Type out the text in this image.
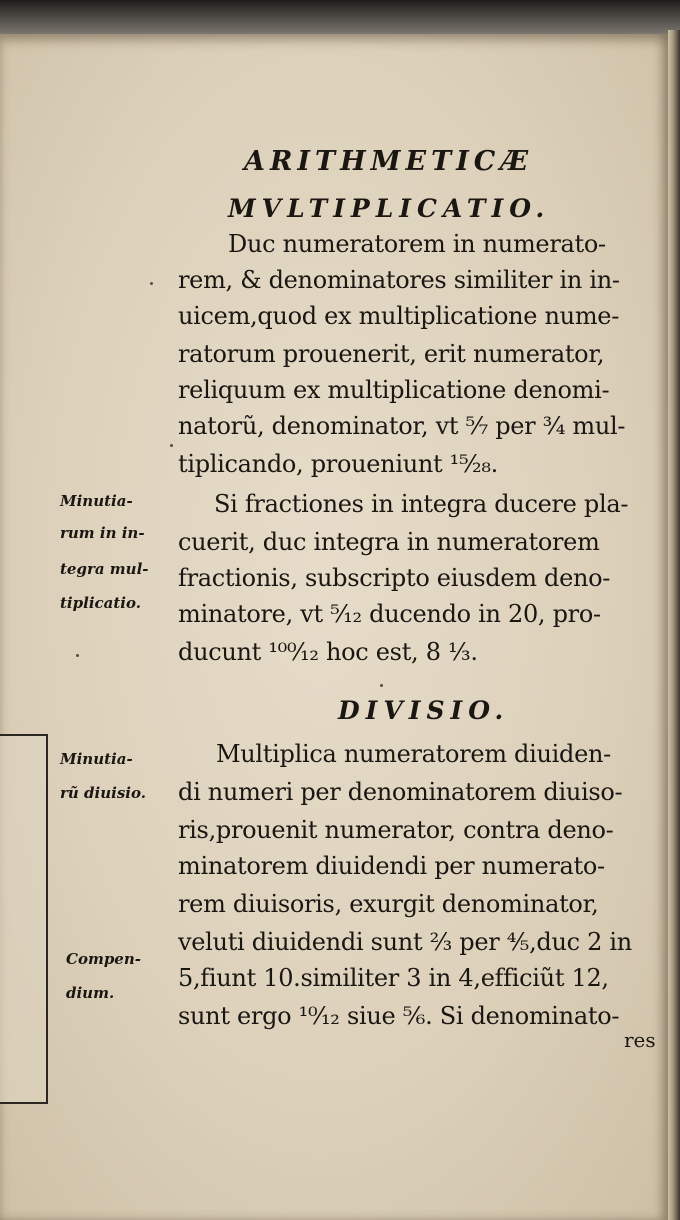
ARITHMETICÆ
MVLTIPLICATIO.
Duc numeratorem in numerato-
rem, & denominatores similiter in in-
uicem,quod ex multiplicatione nume-
ratorum prouenerit, erit numerator,
reliquum ex multiplicatione denomi-
natorũ, denominator, vt ⁵⁄₇ per ³⁄₄ mul-
tiplicando, proueniunt ¹⁵⁄₂₈.
Minutia-
rum in in-
tegra mul-
tiplicatio.
Si fractiones in integra ducere pla-
cuerit, duc integra in numeratorem
fractionis, subscripto eiusdem deno-
minatore, vt ⁵⁄₁₂ ducendo in 20, pro-
ducunt ¹⁰⁰⁄₁₂ hoc est, 8 ¹⁄₃.
DIVISIO.
Minutia-
rũ diuisio.
Multiplica numeratorem diuiden-
di numeri per denominatorem diuiso-
ris,prouenit numerator, contra deno-
minatorem diuidendi per numerato-
rem diuisoris, exurgit denominator,
veluti diuidendi sunt ²⁄₃ per ⁴⁄₅,duc 2 in
5,fiunt 10.similiter 3 in 4,efficiũt 12,
sunt ergo ¹⁰⁄₁₂ siue ⁵⁄₆. Si denominato-
Compen-
dium.
res
